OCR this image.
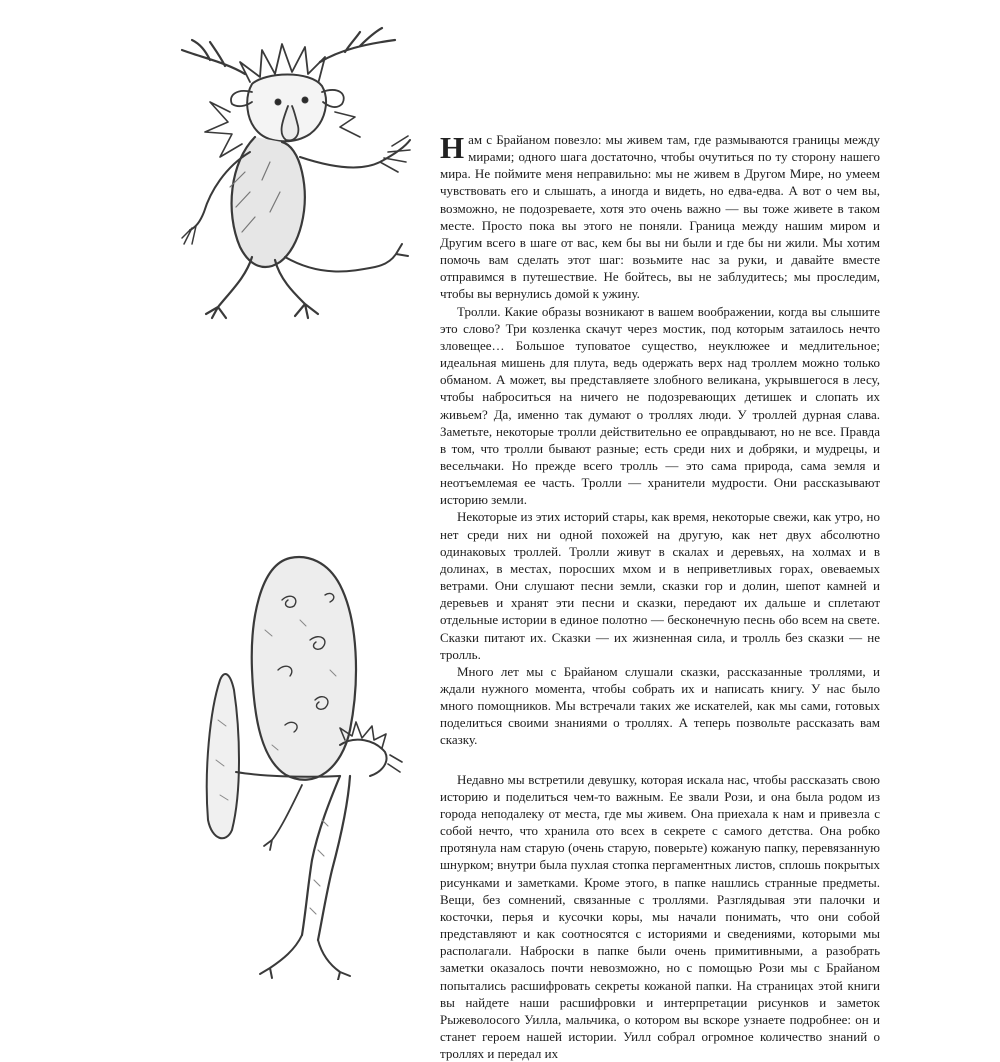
Нам с Брайаном повезло: мы живем там, где размываются границы между мирами; одного шага достаточно, чтобы очутиться по ту сторону нашего мира. Не поймите меня неправильно: мы не живем в Другом Мире, но умеем чувствовать его и слышать, а иногда и видеть, но едва-едва. А вот о чем вы, возможно, не подозреваете, хотя это очень важно — вы тоже живете в таком месте. Просто пока вы этого не поняли. Граница между нашим миром и Другим всего в шаге от вас, кем бы вы ни были и где бы ни жили. Мы хотим помочь вам сделать этот шаг: возьмите нас за руки, и давайте вместе отправимся в путешествие. Не бойтесь, вы не заблудитесь; мы проследим, чтобы вы вернулись домой к ужину.

Тролли. Какие образы возникают в вашем воображении, когда вы слышите это слово? Три козленка скачут через мостик, под которым затаилось нечто зловещее… Большое туповатое существо, неуклюжее и медлительное; идеальная мишень для плута, ведь одержать верх над троллем можно только обманом. А может, вы представляете злобного великана, укрывшегося в лесу, чтобы наброситься на ничего не подозревающих детишек и слопать их живьем? Да, именно так думают о троллях люди. У троллей дурная слава. Заметьте, некоторые тролли действительно ее оправдывают, но не все. Правда в том, что тролли бывают разные; есть среди них и добряки, и мудрецы, и весельчаки. Но прежде всего тролль — это сама природа, сама земля и неотъемлемая ее часть. Тролли — хранители мудрости. Они рассказывают историю земли.

Некоторые из этих историй стары, как время, некоторые свежи, как утро, но нет среди них ни одной похожей на другую, как нет двух абсолютно одинаковых троллей. Тролли живут в скалах и деревьях, на холмах и в долинах, в местах, поросших мхом и в неприветливых горах, овеваемых ветрами. Они слушают песни земли, сказки гор и долин, шепот камней и деревьев и хранят эти песни и сказки, передают их дальше и сплетают отдельные истории в единое полотно — бесконечную песнь обо всем на свете. Сказки питают их. Сказки — их жизненная сила, и тролль без сказки — не тролль.

Много лет мы с Брайаном слушали сказки, рассказанные троллями, и ждали нужного момента, чтобы собрать их и написать книгу. У нас было много помощников. Мы встречали таких же искателей, как мы сами, готовых поделиться своими знаниями о троллях. А теперь позвольте рассказать вам сказку.

Недавно мы встретили девушку, которая искала нас, чтобы рассказать свою историю и поделиться чем-то важным. Ее звали Рози, и она была родом из города неподалеку от места, где мы живем. Она приехала к нам и привезла с собой нечто, что хранила ото всех в секрете с самого детства. Она робко протянула нам старую (очень старую, поверьте) кожаную папку, перевязанную шнурком; внутри была пухлая стопка пергаментных листов, сплошь покрытых рисунками и заметками. Кроме этого, в папке нашлись странные предметы. Вещи, без сомнений, связанные с троллями. Разглядывая эти палочки и косточки, перья и кусочки коры, мы начали понимать, что они собой представляют и как соотносятся с историями и сведениями, которыми мы располагали. Наброски в папке были очень примитивными, а разобрать заметки оказалось почти невозможно, но с помощью Рози мы с Брайаном попытались расшифровать секреты кожаной папки. На страницах этой книги вы найдете наши расшифровки и интерпретации рисунков и заметок Рыжеволосого Уилла, мальчика, о котором вы вскоре узнаете подробнее: он и станет героем нашей истории. Уилл собрал огромное количество знаний о троллях и передал их
